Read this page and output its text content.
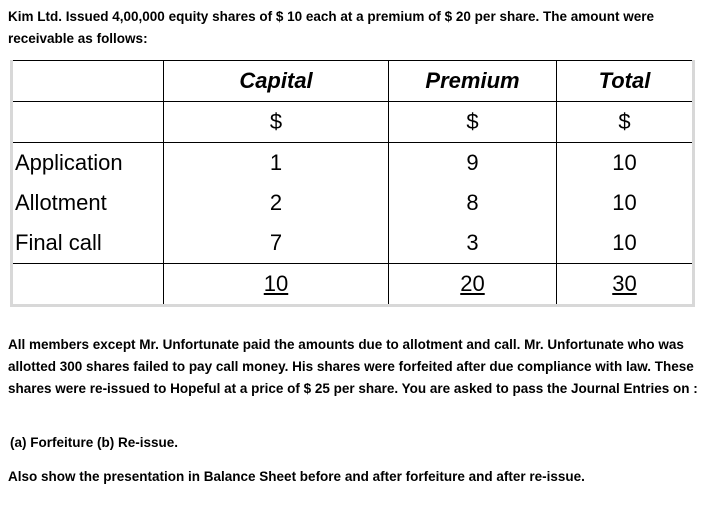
Kim Ltd. Issued 4,00,000 equity shares of $ 10 each at a premium of $ 20 per share. The amount were receivable as follows:
	Capital	Premium	Total
	$	$	$
Application	1	9	10
Allotment	2	8	10
Final call	7	3	10
	10	20	30

All members except Mr. Unfortunate paid the amounts due to allotment and call. Mr. Unfortunate who was allotted 300 shares failed to pay call money. His shares were forfeited after due compliance with law. These shares were re-issued to Hopeful at a price of $ 25 per share. You are asked to pass the Journal Entries on :

(a) Forfeiture (b) Re-issue.

Also show the presentation in Balance Sheet before and after forfeiture and after re-issue.
